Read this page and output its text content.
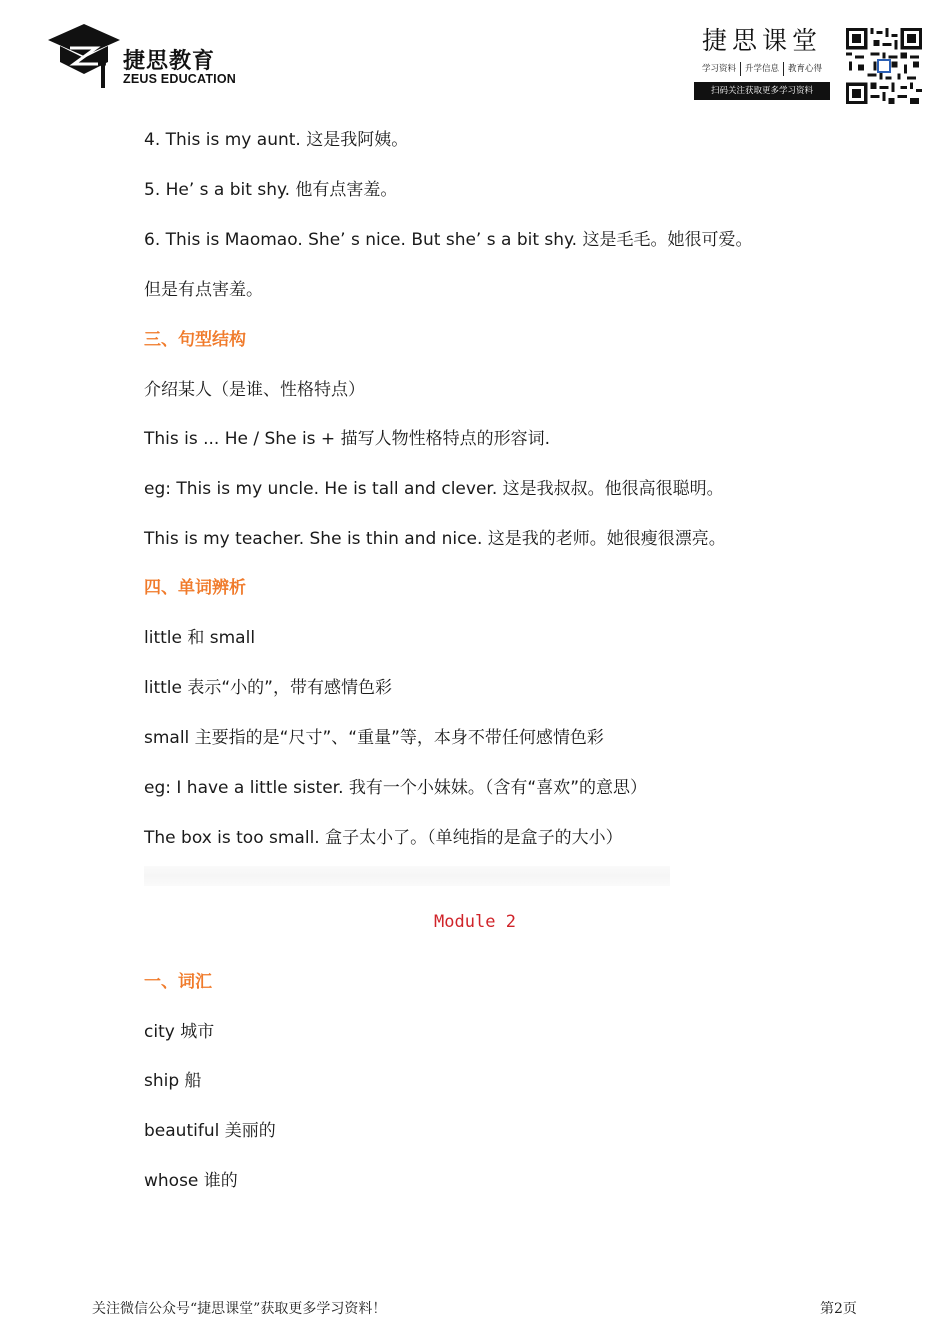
捷思教育
ZEUS EDUCATION
捷思课堂
学习资料	升学信息	教育心得
扫码关注获取更多学习资料
4. This is my aunt. 这是我阿姨。
5. He’ s a bit shy. 他有点害羞。
6. This is Maomao. She’ s nice. But she’ s a bit shy. 这是毛毛。她很可爱。
但是有点害羞。
三、句型结构
介绍某人（是谁、性格特点）
This is ... He / She is + 描写人物性格特点的形容词.
eg: This is my uncle. He is tall and clever. 这是我叔叔。他很高很聪明。
This is my teacher. She is thin and nice. 这是我的老师。她很瘦很漂亮。
四、单词辨析
little 和 small
little 表示“小的”，带有感情色彩
small 主要指的是“尺寸”、“重量”等，本身不带任何感情色彩
eg: I have a little sister. 我有一个小妹妹。（含有“喜欢”的意思）
The box is too small. 盒子太小了。（单纯指的是盒子的大小）
Module 2
一、词汇
city 城市
ship 船
beautiful 美丽的
whose 谁的
关注微信公众号“捷思课堂”获取更多学习资料！	第2页
